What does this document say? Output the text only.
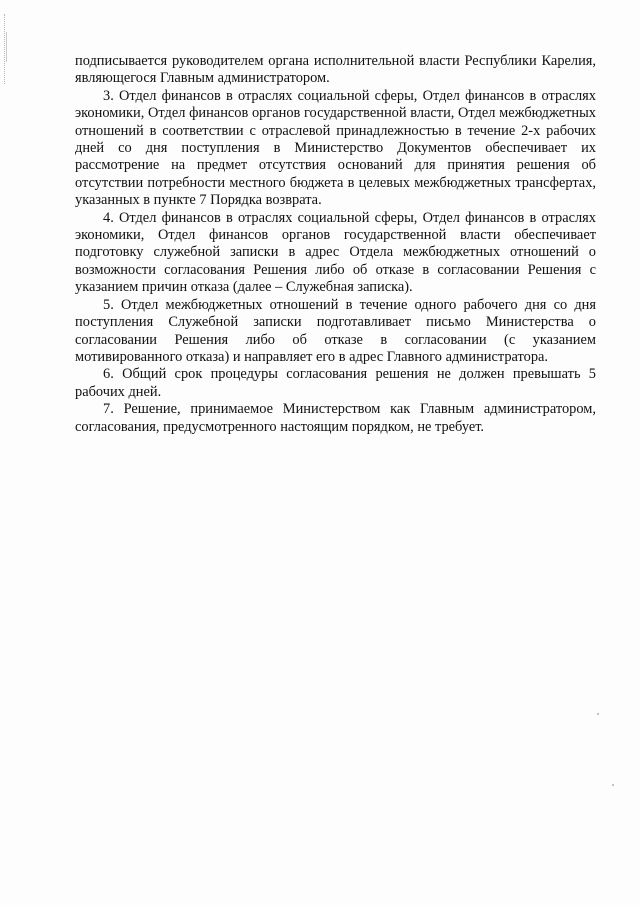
подписывается руководителем органа исполнительной власти Республики Карелия, являющегося Главным администратором.

3. Отдел финансов в отраслях социальной сферы, Отдел финансов в отраслях экономики, Отдел финансов органов государственной власти, Отдел межбюджетных отношений в соответствии с отраслевой принадлежностью в течение 2-х рабочих дней со дня поступления в Министерство Документов обеспечивает их рассмотрение на предмет отсутствия оснований для принятия решения об отсутствии потребности местного бюджета в целевых межбюджетных трансфертах, указанных в пункте 7 Порядка возврата.

4. Отдел финансов в отраслях социальной сферы, Отдел финансов в отраслях экономики, Отдел финансов органов государственной власти обеспечивает подготовку служебной записки в адрес Отдела межбюджетных отношений о возможности согласования Решения либо об отказе в согласовании Решения с указанием причин отказа (далее – Служебная записка).

5. Отдел межбюджетных отношений в течение одного рабочего дня со дня поступления Служебной записки подготавливает письмо Министерства о согласовании Решения либо об отказе в согласовании (с указанием мотивированного отказа) и направляет его в адрес Главного администратора.

6. Общий срок процедуры согласования решения не должен превышать 5 рабочих дней.

7. Решение, принимаемое Министерством как Главным администратором, согласования, предусмотренного настоящим порядком, не требует.
